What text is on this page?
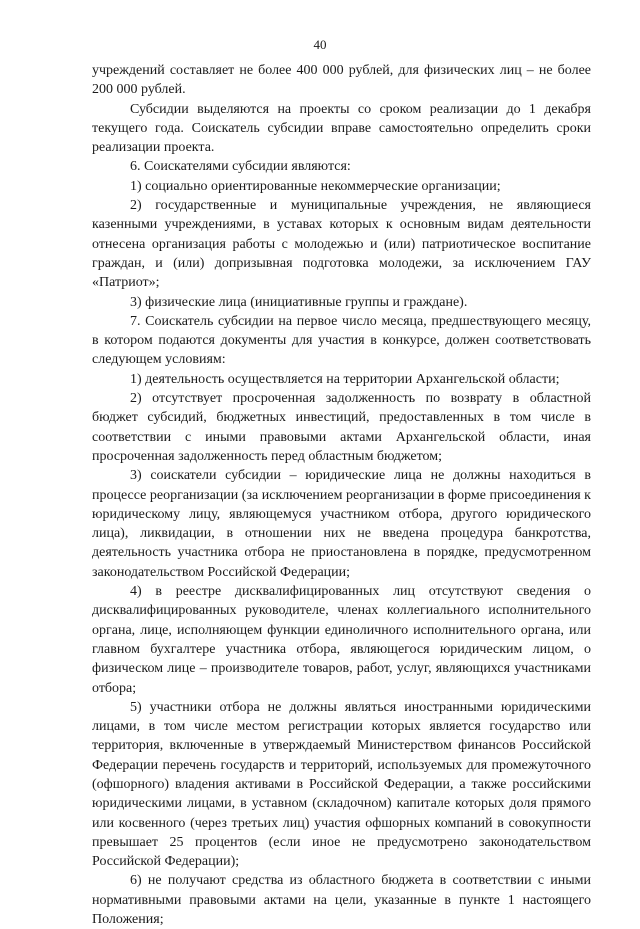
40

учреждений составляет не более 400 000 рублей, для физических лиц – не более 200 000 рублей.

Субсидии выделяются на проекты со сроком реализации до 1 декабря текущего года. Соискатель субсидии вправе самостоятельно определить сроки реализации проекта.

6. Соискателями субсидии являются:

1) социально ориентированные некоммерческие организации;

2) государственные и муниципальные учреждения, не являющиеся казенными учреждениями, в уставах которых к основным видам деятельности отнесена организация работы с молодежью и (или) патриотическое воспитание граждан, и (или) допризывная подготовка молодежи, за исключением ГАУ «Патриот»;

3) физические лица (инициативные группы и граждане).

7. Соискатель субсидии на первое число месяца, предшествующего месяцу, в котором подаются документы для участия в конкурсе, должен соответствовать следующем условиям:

1) деятельность осуществляется на территории Архангельской области;

2) отсутствует просроченная задолженность по возврату в областной бюджет субсидий, бюджетных инвестиций, предоставленных в том числе в соответствии с иными правовыми актами Архангельской области, иная просроченная задолженность перед областным бюджетом;

3) соискатели субсидии – юридические лица не должны находиться в процессе реорганизации (за исключением реорганизации в форме присоединения к юридическому лицу, являющемуся участником отбора, другого юридического лица), ликвидации, в отношении них не введена процедура банкротства, деятельность участника отбора не приостановлена в порядке, предусмотренном законодательством Российской Федерации;

4) в реестре дисквалифицированных лиц отсутствуют сведения о дисквалифицированных руководителе, членах коллегиального исполнительного органа, лице, исполняющем функции единоличного исполнительного органа, или главном бухгалтере участника отбора, являющегося юридическим лицом, о физическом лице – производителе товаров, работ, услуг, являющихся участниками отбора;

5) участники отбора не должны являться иностранными юридическими лицами, в том числе местом регистрации которых является государство или территория, включенные в утверждаемый Министерством финансов Российской Федерации перечень государств и территорий, используемых для промежуточного (офшорного) владения активами в Российской Федерации, а также российскими юридическими лицами, в уставном (складочном) капитале которых доля прямого или косвенного (через третьих лиц) участия офшорных компаний в совокупности превышает 25 процентов (если иное не предусмотрено законодательством Российской Федерации);

6) не получают средства из областного бюджета в соответствии с иными нормативными правовыми актами на цели, указанные в пункте 1 настоящего Положения;
